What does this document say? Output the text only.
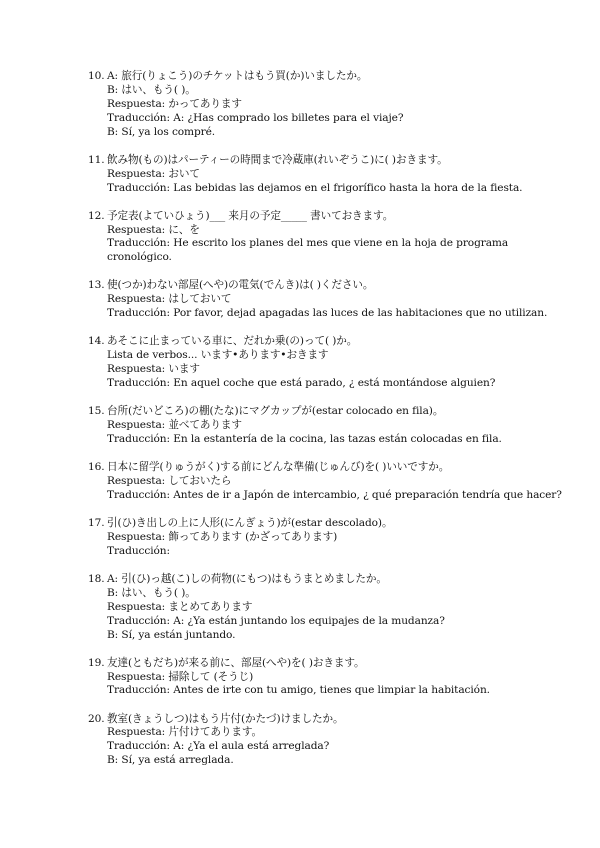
10. A: 旅行(りょこう)のチケットはもう買(か)いましたか。
B: はい、もう( )。
Respuesta: かってあります
Traducción: A: ¿Has comprado los billetes para el viaje?
B: Sí, ya los compré.
11. 飲み物(もの)はパーティーの時間まで冷蔵庫(れいぞうこ)に( )おきます。
Respuesta: おいて
Traducción: Las bebidas las dejamos en el frigorífico hasta la hora de la fiesta.
12. 予定表(よていひょう)___ 来月の予定_____ 書いておきます。
Respuesta: に、を
Traducción: He escrito los planes del mes que viene en la hoja de programa cronológico.
13. 使(つか)わない部屋(へや)の電気(でんき)は( )ください。
Respuesta: はしておいて
Traducción: Por favor, dejad apagadas las luces de las habitaciones que no utilizan.
14. あそこに止まっている車に、だれか乗(の)って( )か。
Lista de verbos... います•あります•おきます
Respuesta: います
Traducción: En aquel coche que está parado, ¿ está montándose alguien?
15. 台所(だいどころ)の棚(たな)にマグカップが(estar colocado en fila)。
Respuesta: 並べてあります
Traducción: En la estantería de la cocina, las tazas están colocadas en fila.
16. 日本に留学(りゅうがく)する前にどんな準備(じゅんび)を( )いいですか。
Respuesta: しておいたら
Traducción: Antes de ir a Japón de intercambio, ¿ qué preparación tendría que hacer?
17. 引(ひ)き出しの上に人形(にんぎょう)が(estar descolado)。
Respuesta: 飾ってあります (かざってあります)
Traducción:
18. A: 引(ひ)っ越(こ)しの荷物(にもつ)はもうまとめましたか。
B: はい、もう( )。
Respuesta: まとめてあります
Traducción: A: ¿Ya están juntando los equipajes de la mudanza?
B: Sí, ya están juntando.
19. 友達(ともだち)が来る前に、部屋(へや)を( )おきます。
Respuesta: 掃除して (そうじ)
Traducción: Antes de irte con tu amigo, tienes que limpiar la habitación.
20. 教室(きょうしつ)はもう片付(かたづ)けましたか。
Respuesta: 片付けてあります。
Traducción: A: ¿Ya el aula está arreglada?
B: Sí, ya está arreglada.
